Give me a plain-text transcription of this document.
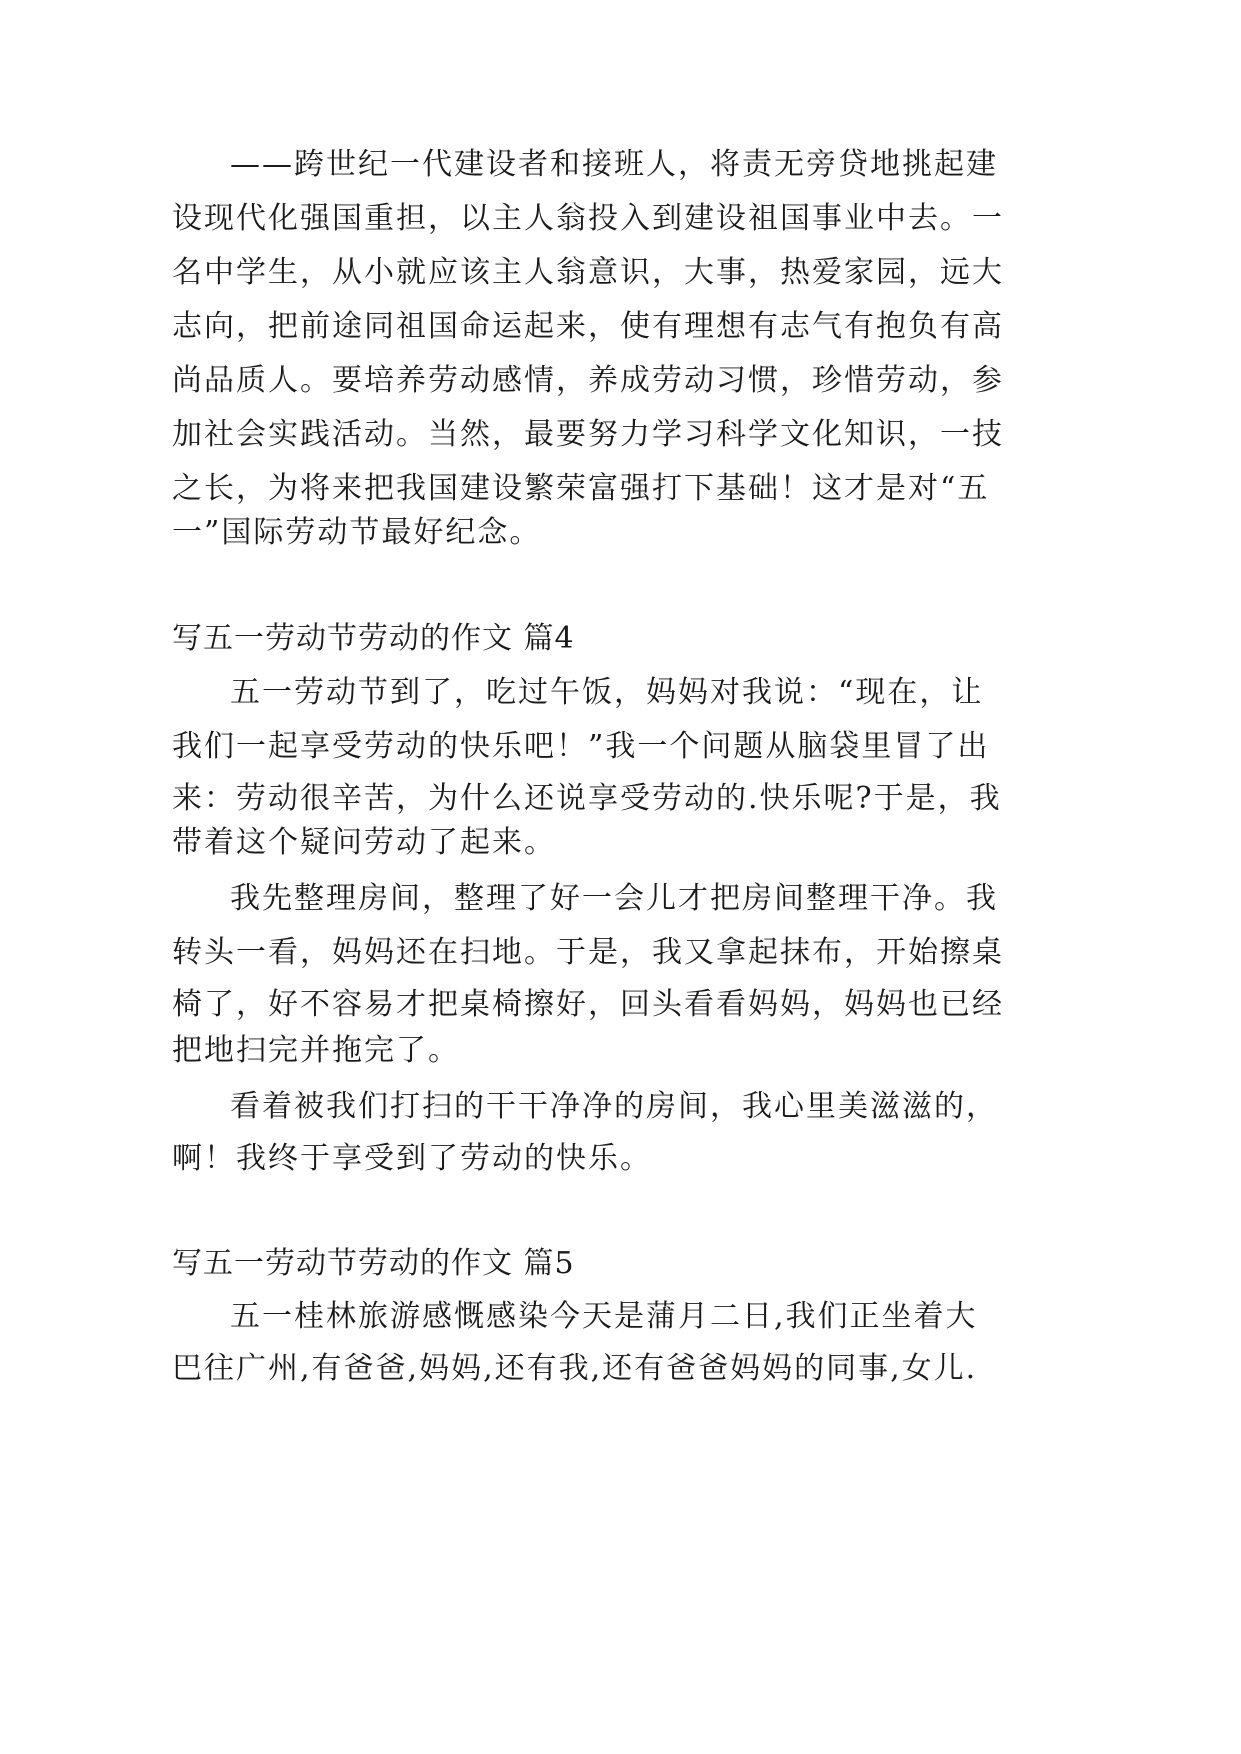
——跨世纪一代建设者和接班人，将责无旁贷地挑起建

设现代化强国重担，以主人翁投入到建设祖国事业中去。一

名中学生，从小就应该主人翁意识，大事，热爱家园，远大

志向，把前途同祖国命运起来，使有理想有志气有抱负有高

尚品质人。要培养劳动感情，养成劳动习惯，珍惜劳动，参

加社会实践活动。当然，最要努力学习科学文化知识，一技

之长，为将来把我国建设繁荣富强打下基础！这才是对“五

一”国际劳动节最好纪念。

写五一劳动节劳动的作文 篇4

五一劳动节到了，吃过午饭，妈妈对我说：“现在，让

我们一起享受劳动的快乐吧！”我一个问题从脑袋里冒了出

来：劳动很辛苦，为什么还说享受劳动的.快乐呢?于是，我

带着这个疑问劳动了起来。

我先整理房间，整理了好一会儿才把房间整理干净。我

转头一看，妈妈还在扫地。于是，我又拿起抹布，开始擦桌

椅了，好不容易才把桌椅擦好，回头看看妈妈，妈妈也已经

把地扫完并拖完了。

看着被我们打扫的干干净净的房间，我心里美滋滋的，

啊！我终于享受到了劳动的快乐。

写五一劳动节劳动的作文 篇5

五一桂林旅游感慨感染今天是蒲月二日,我们正坐着大

巴往广州,有爸爸,妈妈,还有我,还有爸爸妈妈的同事,女儿.
